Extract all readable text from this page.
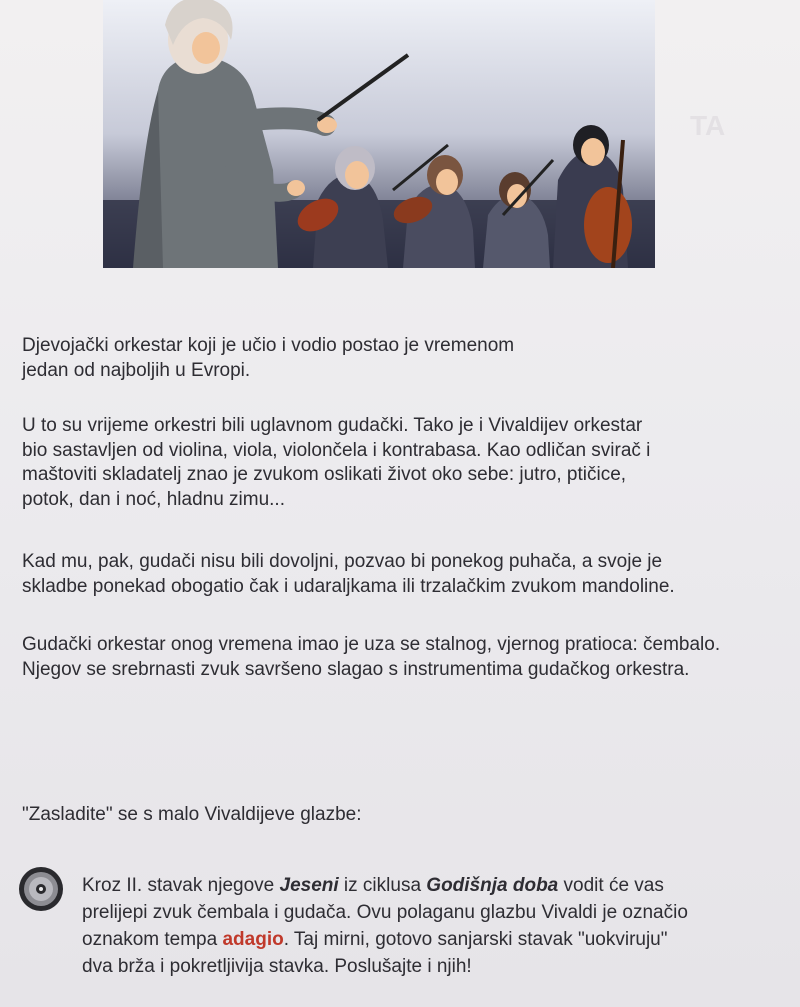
TA

Djevojački orkestar koji je učio i vodio postao je vremenom
jedan od najboljih u Evropi.

U to su vrijeme orkestri bili uglavnom gudački. Tako je i Vivaldijev orkestar
bio sastavljen od violina, viola, violončela i kontrabasa. Kao odličan svirač i
maštoviti skladatelj znao je zvukom oslikati život oko sebe: jutro, ptičice,
potok, dan i noć, hladnu zimu...

Kad mu, pak, gudači nisu bili dovoljni, pozvao bi ponekog puhača, a svoje je
skladbe ponekad obogatio čak i udaraljkama ili trzalačkim zvukom mandoline.

Gudački orkestar onog vremena imao je uza se stalnog, vjernog pratioca: čembalo.
Njegov se srebrnasti zvuk savršeno slagao s instrumentima gudačkog orkestra.

"Zasladite" se s malo Vivaldijeve glazbe:

Kroz II. stavak njegove Jeseni iz ciklusa Godišnja doba vodit će vas
prelijepi zvuk čembala i gudača. Ovu polaganu glazbu Vivaldi je označio
oznakom tempa adagio. Taj mirni, gotovo sanjarski stavak "uokviruju"
dva brža i pokretljivija stavka. Poslušajte i njih!
